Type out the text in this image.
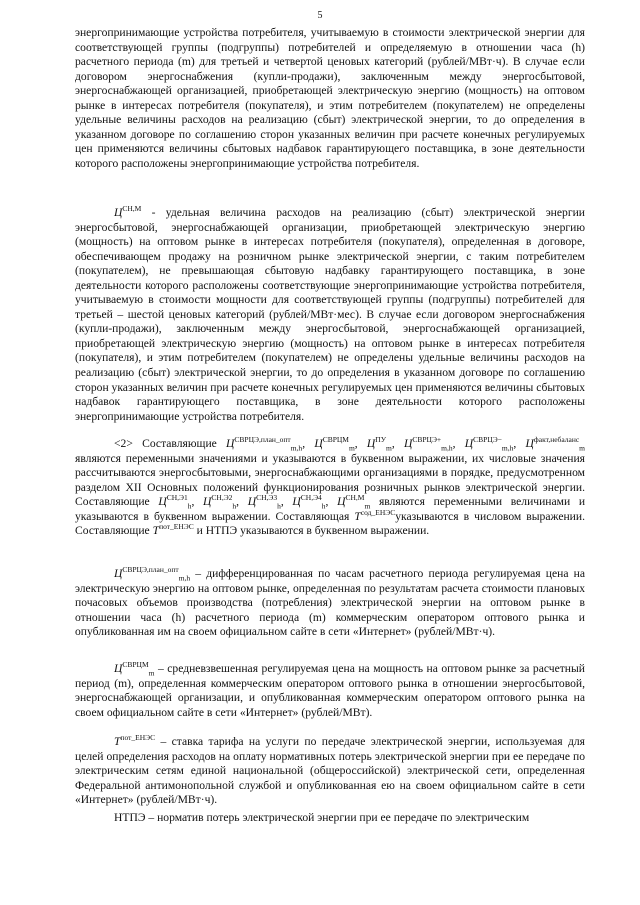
5

энергопринимающие устройства потребителя, учитываемую в стоимости электрической энергии для соответствующей группы (подгруппы) потребителей и определяемую в отношении часа (h) расчетного периода (m) для третьей и четвертой ценовых категорий (рублей/МВт·ч). В случае если договором энергоснабжения (купли-продажи), заключенным между энергосбытовой, энергоснабжающей организацией, приобретающей электрическую энергию (мощность) на оптовом рынке в интересах потребителя (покупателя), и этим потребителем (покупателем) не определены удельные величины расходов на реализацию (сбыт) электрической энергии, то до определения в указанном договоре по соглашению сторон указанных величин при расчете конечных регулируемых цен применяются величины сбытовых надбавок гарантирующего поставщика, в зоне деятельности которого расположены энергопринимающие устройства потребителя.

$Ц^{СН,М}$ - удельная величина расходов на реализацию (сбыт) электрической энергии энергосбытовой, энергоснабжающей организации, приобретающей электрическую энергию (мощность) на оптовом рынке в интересах потребителя (покупателя), определенная в договоре, обеспечивающем продажу на розничном рынке электрической энергии, с таким потребителем (покупателем), не превышающая сбытовую надбавку гарантирующего поставщика, в зоне деятельности которого расположены соответствующие энергопринимающие устройства потребителя, учитываемую в стоимости мощности для соответствующей группы (подгруппы) потребителей для третьей – шестой ценовых категорий (рублей/МВт·мес). В случае если договором энергоснабжения (купли-продажи), заключенным между энергосбытовой, энергоснабжающей организацией, приобретающей электрическую энергию (мощность) на оптовом рынке в интересах потребителя (покупателя), и этим потребителем (покупателем) не определены удельные величины расходов на реализацию (сбыт) электрической энергии, то до определения в указанном договоре по соглашению сторон указанных величин при расчете конечных регулируемых цен применяются величины сбытовых надбавок гарантирующего поставщика, в зоне деятельности которого расположены энергопринимающие устройства потребителя.

<2> Составляющие $Ц^{СВРЦЭ,план\_опт}_{m,h}$, $Ц^{СВРЦМ}_m$, $Ц^{ПУ}_m$, $Ц^{СВРЦЭ+}_{m,h}$, $Ц^{СВРЦЭ-}_{m,h}$, $Ц^{факт,небаланс}_m$ являются переменными значениями и указываются в буквенном выражении, их числовые значения рассчитываются энергосбытовыми, энергоснабжающими организациями в порядке, предусмотренном разделом XII Основных положений функционирования розничных рынков электрической энергии. Составляющие $Ц^{СН,Э1}_h$, $Ц^{СН,Э2}_h$, $Ц^{СН,Э3}_h$, $Ц^{СН,Э4}_h$, $Ц^{СН,М}_m$ являются переменными величинами и указываются в буквенном выражении. Составляющая $Т^{сод\_ЕНЭС}указываются$ в числовом выражении. Составляющие $Т^{пот\_ЕНЭС}$ и НТПЭ указываются в буквенном выражении.

$Ц^{СВРЦЭ,план\_опт}_{m,h}$ – дифференцированная по часам расчетного периода регулируемая цена на электрическую энергию на оптовом рынке, определенная по результатам расчета стоимости плановых почасовых объемов производства (потребления) электрической энергии на оптовом рынке в отношении часа (h) расчетного периода (m) коммерческим оператором оптового рынка и опубликованная им на своем официальном сайте в сети «Интернет» (рублей/МВт·ч).

$Ц^{СВРЦМ}_m$ – средневзвешенная регулируемая цена на мощность на оптовом рынке за расчетный период (m), определенная коммерческим оператором оптового рынка в отношении энергосбытовой, энергоснабжающей организации, и опубликованная коммерческим оператором оптового рынка на своем официальном сайте в сети «Интернет» (рублей/МВт).

$Т^{пот\_ЕНЭС}$ – ставка тарифа на услуги по передаче электрической энергии, используемая для целей определения расходов на оплату нормативных потерь электрической энергии при ее передаче по электрическим сетям единой национальной (общероссийской) электрической сети, определенная Федеральной антимонопольной службой и опубликованная ею на своем официальном сайте в сети «Интернет» (рублей/МВт·ч).

НТПЭ – норматив потерь электрической энергии при ее передаче по электрическим
